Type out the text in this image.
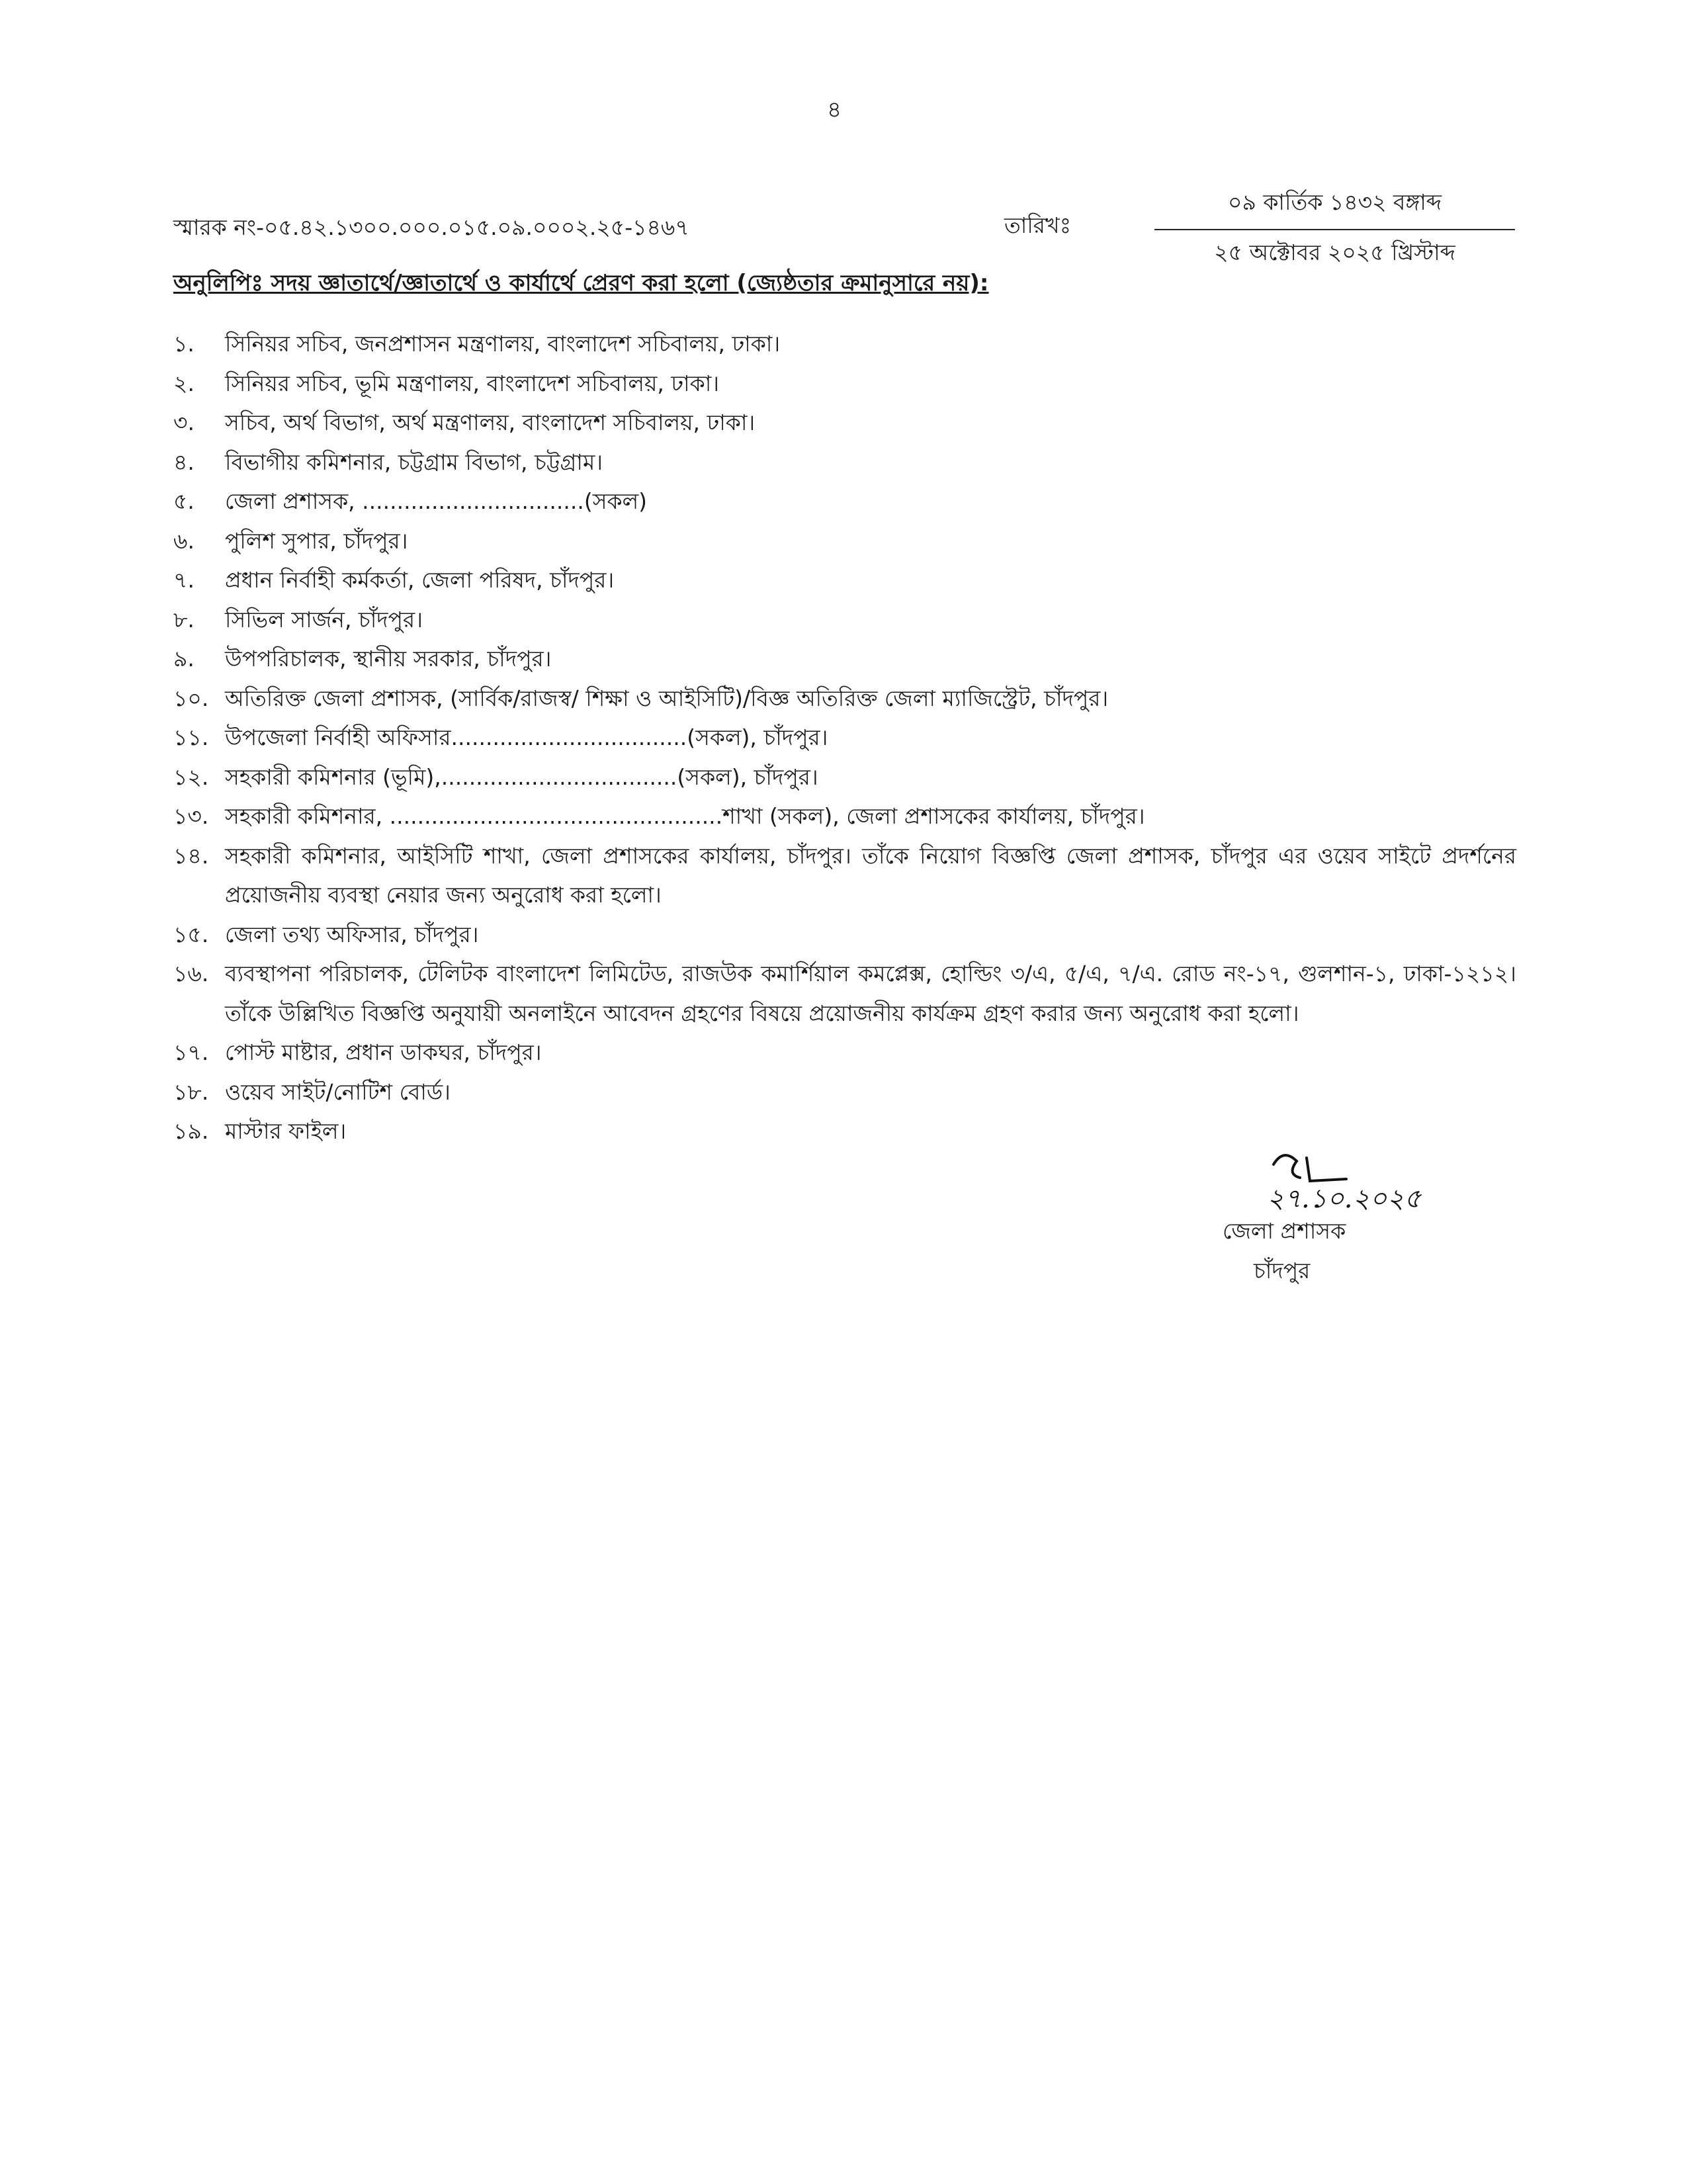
৪
স্মারক নং-০৫.৪২.১৩০০.০০০.০১৫.০৯.০০০২.২৫-১৪৬৭	তারিখঃ
০৯ কার্তিক ১৪৩২ বঙ্গাব্দ
২৫ অক্টোবর ২০২৫ খ্রিস্টাব্দ
অনুলিপিঃ সদয় জ্ঞাতার্থে/জ্ঞাতার্থে ও কার্যার্থে প্রেরণ করা হলো (জ্যেষ্ঠতার ক্রমানুসারে নয়):
১.	সিনিয়র সচিব, জনপ্রশাসন মন্ত্রণালয়, বাংলাদেশ সচিবালয়, ঢাকা।
২.	সিনিয়র সচিব, ভূমি মন্ত্রণালয়, বাংলাদেশ সচিবালয়, ঢাকা।
৩.	সচিব, অর্থ বিভাগ, অর্থ মন্ত্রণালয়, বাংলাদেশ সচিবালয়, ঢাকা।
৪.	বিভাগীয় কমিশনার, চট্টগ্রাম বিভাগ, চট্টগ্রাম।
৫.	জেলা প্রশাসক, ................................(সকল)
৬.	পুলিশ সুপার, চাঁদপুর।
৭.	প্রধান নির্বাহী কর্মকর্তা, জেলা পরিষদ, চাঁদপুর।
৮.	সিভিল সার্জন, চাঁদপুর।
৯.	উপপরিচালক, স্থানীয় সরকার, চাঁদপুর।
১০. অতিরিক্ত জেলা প্রশাসক, (সার্বিক/রাজস্ব/ শিক্ষা ও আইসিটি)/বিজ্ঞ অতিরিক্ত জেলা ম্যাজিস্ট্রেট, চাঁদপুর।
১১. উপজেলা নির্বাহী অফিসার..................................(সকল), চাঁদপুর।
১২. সহকারী কমিশনার (ভূমি),..................................(সকল), চাঁদপুর।
১৩. সহকারী কমিশনার, ................................................শাখা (সকল), জেলা প্রশাসকের কার্যালয়, চাঁদপুর।
১৪. সহকারী কমিশনার, আইসিটি শাখা, জেলা প্রশাসকের কার্যালয়, চাঁদপুর। তাঁকে নিয়োগ বিজ্ঞপ্তি জেলা প্রশাসক, চাঁদপুর এর ওয়েব সাইটে প্রদর্শনের প্রয়োজনীয় ব্যবস্থা নেয়ার জন্য অনুরোধ করা হলো।
১৫. জেলা তথ্য অফিসার, চাঁদপুর।
১৬. ব্যবস্থাপনা পরিচালক, টেলিটক বাংলাদেশ লিমিটেড, রাজউক কমার্শিয়াল কমপ্লেক্স, হোল্ডিং ৩/এ, ৫/এ, ৭/এ. রোড নং-১৭, গুলশান-১, ঢাকা-১২১২। তাঁকে উল্লিখিত বিজ্ঞপ্তি অনুযায়ী অনলাইনে আবেদন গ্রহণের বিষয়ে প্রয়োজনীয় কার্যক্রম গ্রহণ করার জন্য অনুরোধ করা হলো।
১৭. পোস্ট মাষ্টার, প্রধান ডাকঘর, চাঁদপুর।
১৮. ওয়েব সাইট/নোটিশ বোর্ড।
১৯. মাস্টার ফাইল।
২৭.১০.২০২৫
জেলা প্রশাসক
চাঁদপুর
